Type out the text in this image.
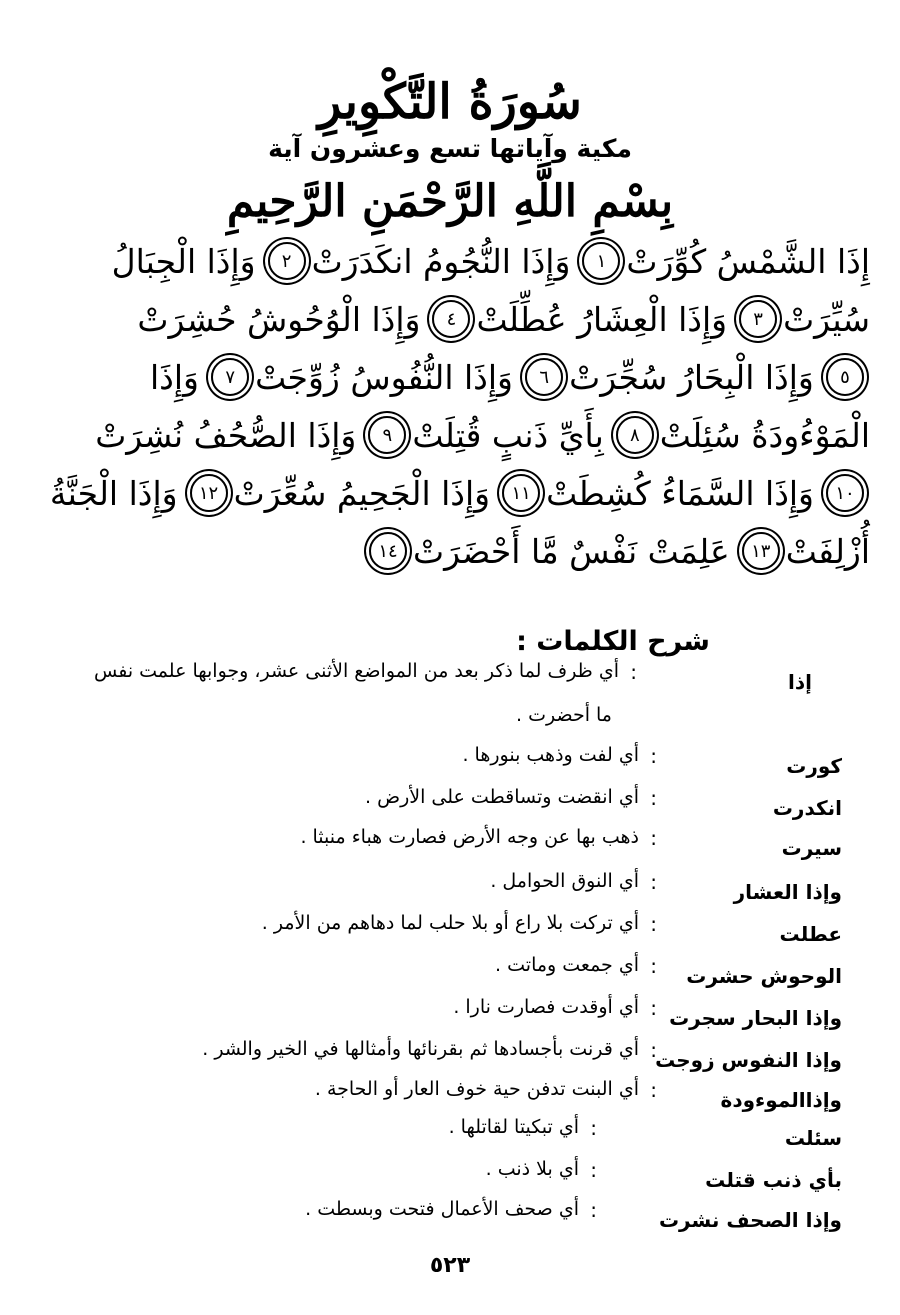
سُورَةُ التَّكْوِيرِ
مكية وآياتها تسع وعشرون آية
بِسْمِ اللَّهِ الرَّحْمَنِ الرَّحِيمِ
إِذَا الشَّمْسُ كُوِّرَتْ
١
وَإِذَا النُّجُومُ انكَدَرَتْ
٢
وَإِذَا الْجِبَالُ
سُيِّرَتْ
٣
وَإِذَا الْعِشَارُ عُطِّلَتْ
٤
وَإِذَا الْوُحُوشُ حُشِرَتْ
٥
وَإِذَا الْبِحَارُ سُجِّرَتْ
٦
وَإِذَا النُّفُوسُ زُوِّجَتْ
٧
وَإِذَا
الْمَوْءُودَةُ سُئِلَتْ
٨
بِأَيِّ ذَنبٍ قُتِلَتْ
٩
وَإِذَا الصُّحُفُ نُشِرَتْ
١٠
وَإِذَا السَّمَاءُ كُشِطَتْ
١١
وَإِذَا الْجَحِيمُ سُعِّرَتْ
١٢
وَإِذَا الْجَنَّةُ
أُزْلِفَتْ
١٣
عَلِمَتْ نَفْسٌ مَّا أَحْضَرَتْ
١٤
شرح الكلمات :
إذا
:
أي ظرف لما ذكر بعد من المواضع الأثنى عشر، وجوابها علمت نفس
ما أحضرت .
كورت
:
أي لفت وذهب بنورها .
انكدرت
:
أي انقضت وتساقطت على الأرض .
سيرت
:
ذهب بها عن وجه الأرض فصارت هباء منبثا .
وإذا العشار
:
أي النوق الحوامل .
عطلت
:
أي تركت بلا راع أو بلا حلب لما دهاهم من الأمر .
الوحوش حشرت
:
أي جمعت وماتت .
وإذا البحار سجرت
:
أي أوقدت فصارت نارا .
وإذا النفوس زوجت
:
أي قرنت بأجسادها ثم بقرنائها وأمثالها في الخير والشر .
وإذاالموءودة
:
أي البنت تدفن حية خوف العار أو الحاجة .
سئلت
:
أي تبكيتا لقاتلها .
بأي ذنب قتلت
:
أي بلا ذنب .
وإذا الصحف نشرت
:
أي صحف الأعمال فتحت وبسطت .
٥٢٣
